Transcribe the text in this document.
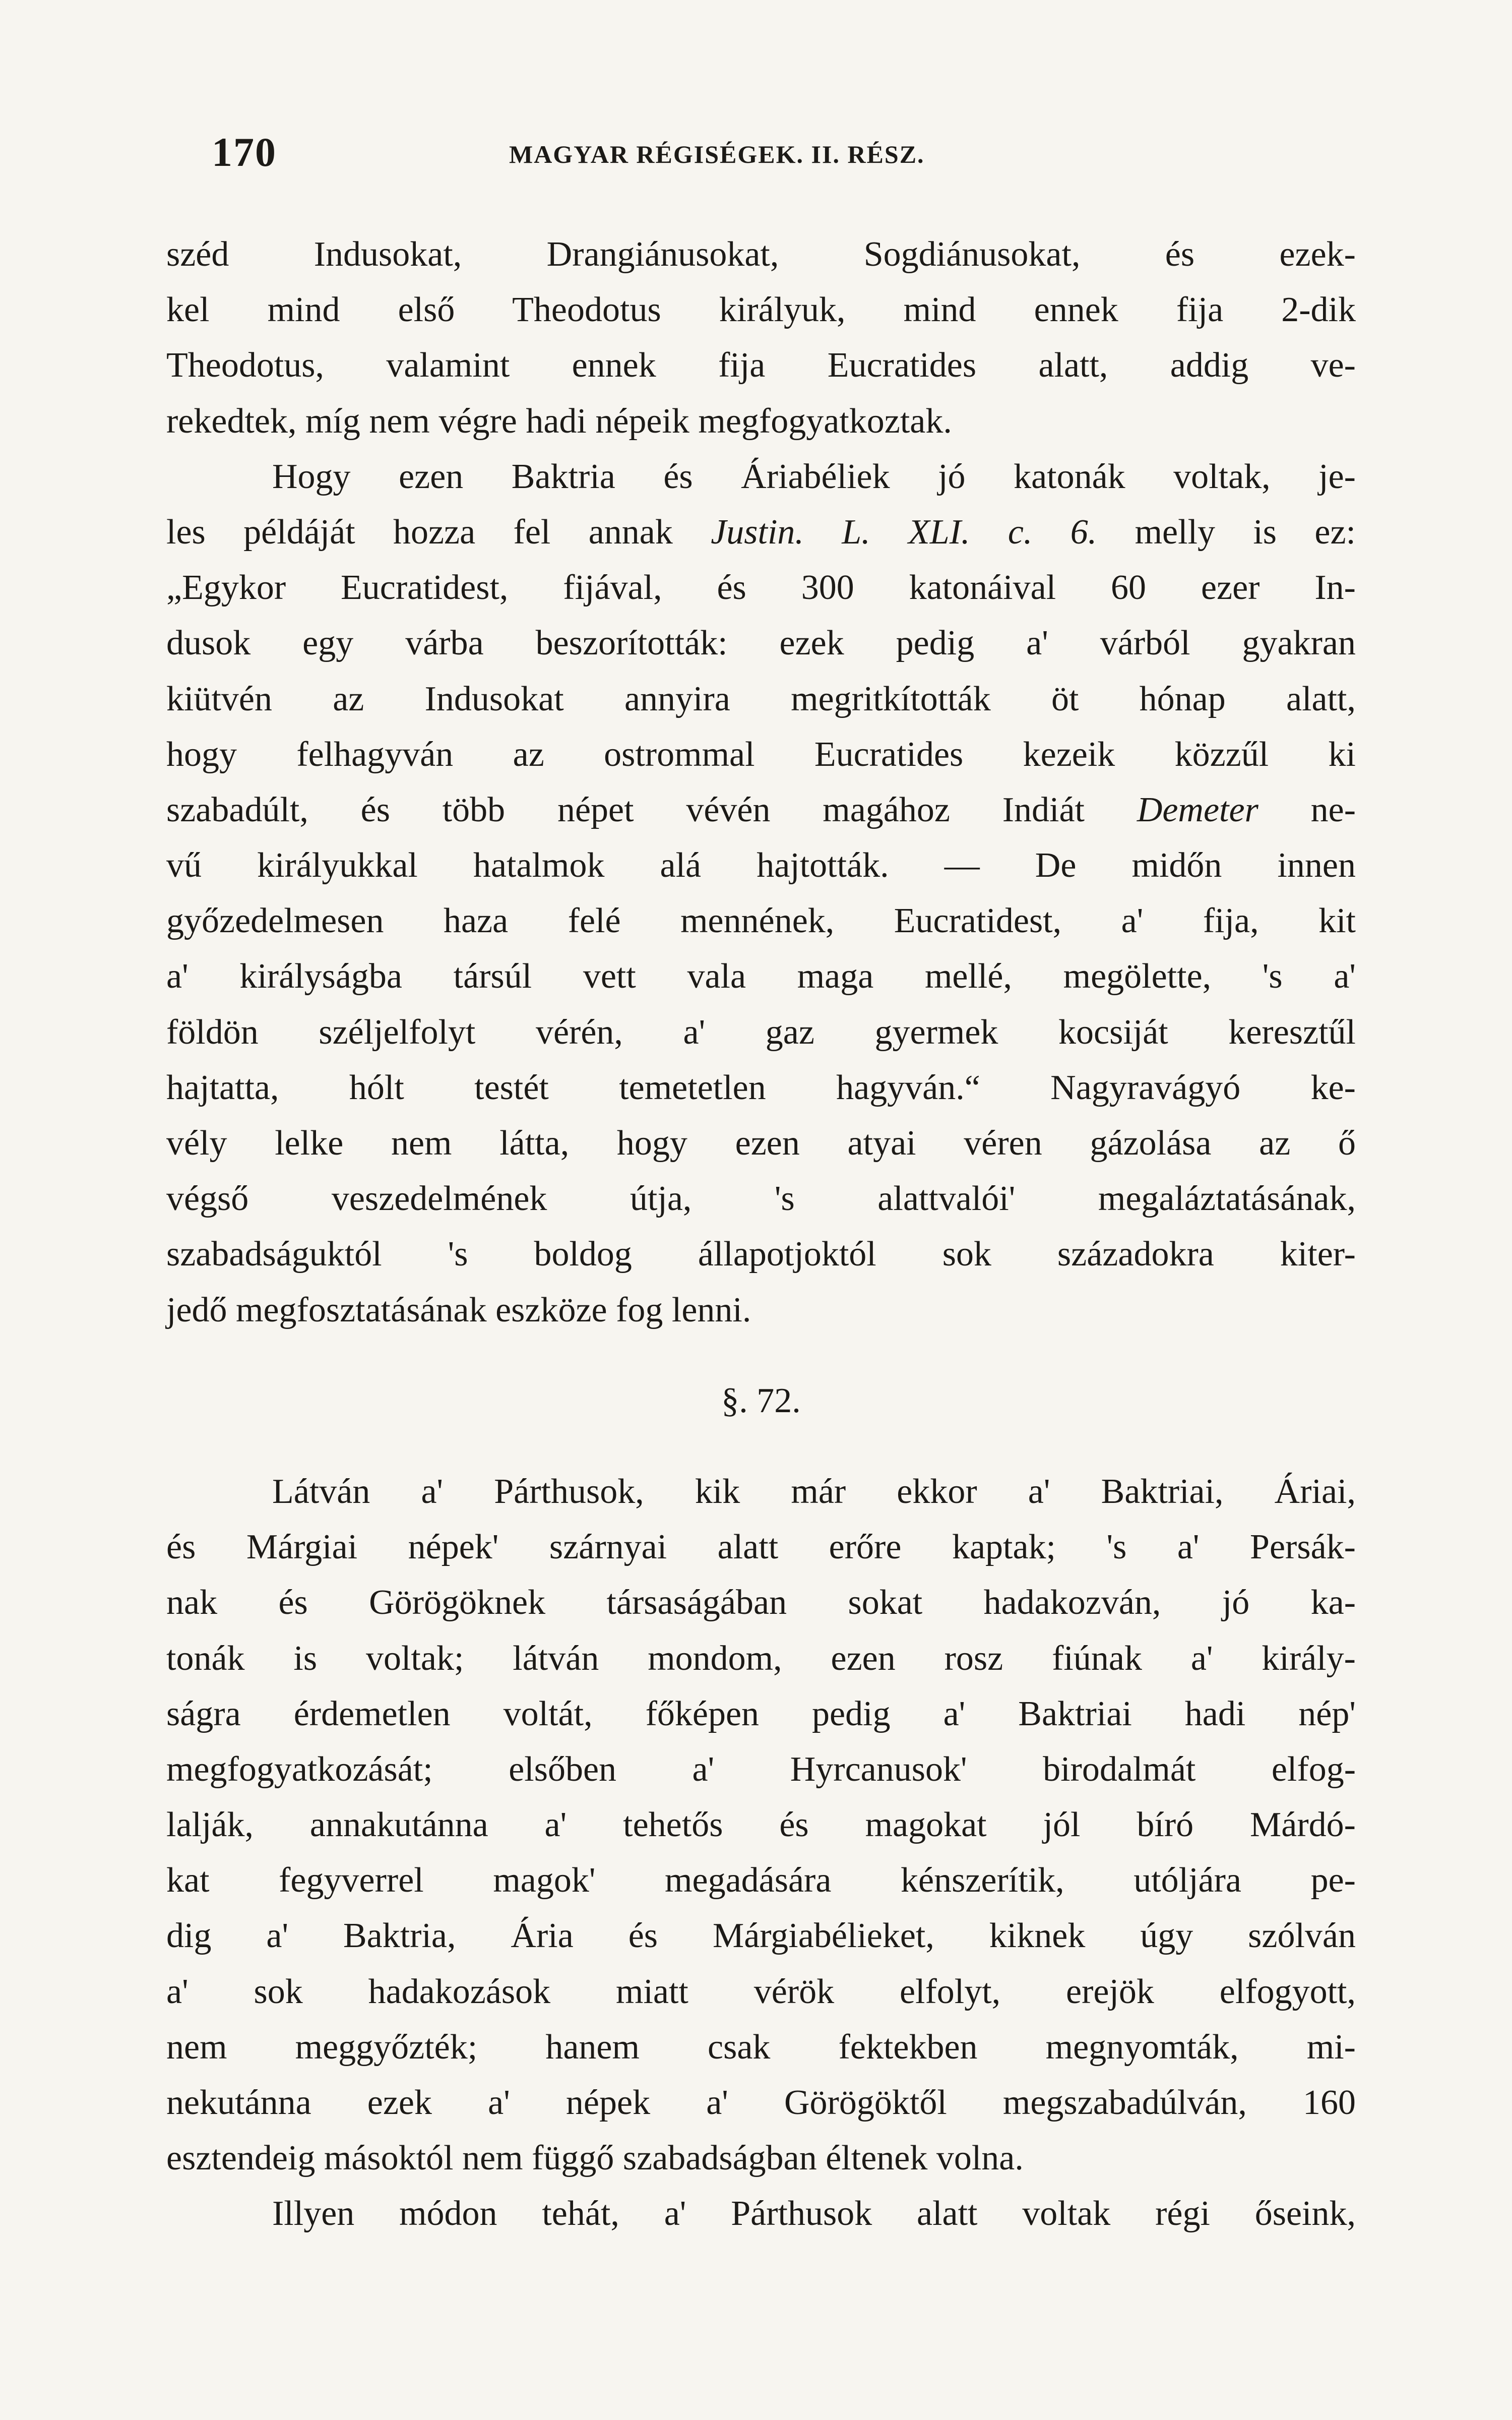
170	MAGYAR RÉGISÉGEK. II. RÉSZ.
széd Indusokat, Drangiánusokat, Sogdiánusokat, és ezek-
kel mind első Theodotus királyuk, mind ennek fija 2-dik
Theodotus, valamint ennek fija Eucratides alatt, addig ve-
rekedtek, míg nem végre hadi népeik megfogyatkoztak.
Hogy ezen Baktria és Áriabéliek jó katonák voltak, je-
les példáját hozza fel annak Justin. L. XLI. c. 6. melly is ez:
„Egykor Eucratidest, fijával, és 300 katonáival 60 ezer In-
dusok egy várba beszorították: ezek pedig a' várból gyakran
kiütvén az Indusokat annyira megritkították öt hónap alatt,
hogy felhagyván az ostrommal Eucratides kezeik közzűl ki
szabadúlt, és több népet vévén magához Indiát Demeter ne-
vű királyukkal hatalmok alá hajtották. — De midőn innen
győzedelmesen haza felé mennének, Eucratidest, a' fija, kit
a' királyságba társúl vett vala maga mellé, megölette, 's a'
földön széljelfolyt vérén, a' gaz gyermek kocsiját keresztűl
hajtatta, hólt testét temetetlen hagyván.“ Nagyravágyó ke-
vély lelke nem látta, hogy ezen atyai véren gázolása az ő
végső veszedelmének útja, 's alattvalói' megaláztatásának,
szabadságuktól 's boldog állapotjoktól sok századokra kiter-
jedő megfosztatásának eszköze fog lenni.
§. 72.
Látván a' Párthusok, kik már ekkor a' Baktriai, Áriai,
és Márgiai népek' szárnyai alatt erőre kaptak; 's a' Persák-
nak és Görögöknek társaságában sokat hadakozván, jó ka-
tonák is voltak; látván mondom, ezen rosz fiúnak a' király-
ságra érdemetlen voltát, főképen pedig a' Baktriai hadi nép'
megfogyatkozását; elsőben a' Hyrcanusok' birodalmát elfog-
lalják, annakutánna a' tehetős és magokat jól bíró Márdó-
kat fegyverrel magok' megadására kénszerítik, utóljára pe-
dig a' Baktria, Ária és Márgiabélieket, kiknek úgy szólván
a' sok hadakozások miatt vérök elfolyt, erejök elfogyott,
nem meggyőzték; hanem csak fektekben megnyomták, mi-
nekutánna ezek a' népek a' Görögöktől megszabadúlván, 160
esztendeig másoktól nem függő szabadságban éltenek volna.
Illyen módon tehát, a' Párthusok alatt voltak régi őseink,
